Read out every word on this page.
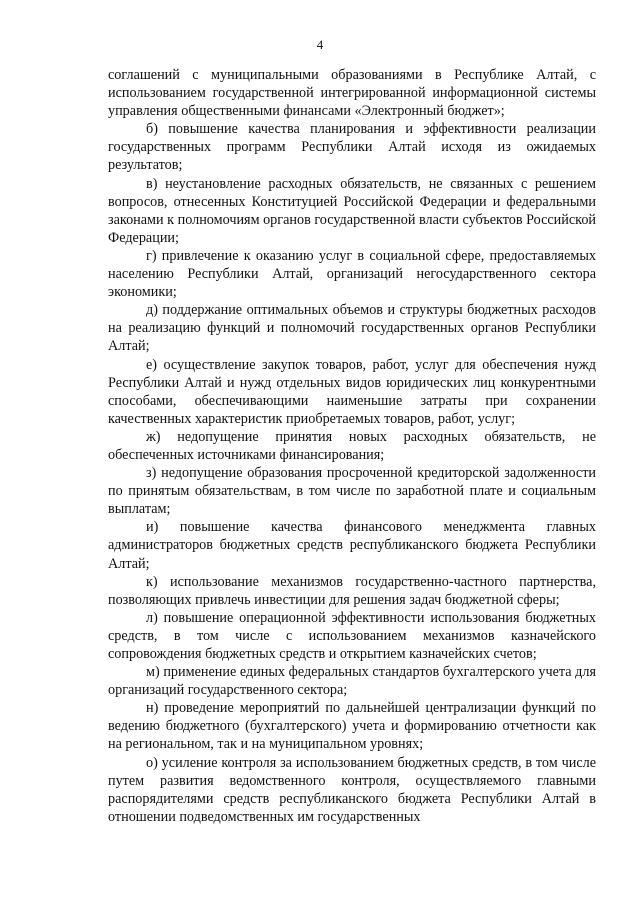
4

соглашений с муниципальными образованиями в Республике Алтай, с использованием государственной интегрированной информационной системы управления общественными финансами «Электронный бюджет»;

б) повышение качества планирования и эффективности реализации государственных программ Республики Алтай исходя из ожидаемых результатов;

в) неустановление расходных обязательств, не связанных с решением вопросов, отнесенных Конституцией Российской Федерации и федеральными законами к полномочиям органов государственной власти субъектов Российской Федерации;

г) привлечение к оказанию услуг в социальной сфере, предоставляемых населению Республики Алтай, организаций негосударственного сектора экономики;

д) поддержание оптимальных объемов и структуры бюджетных расходов на реализацию функций и полномочий государственных органов Республики Алтай;

е) осуществление закупок товаров, работ, услуг для обеспечения нужд Республики Алтай и нужд отдельных видов юридических лиц конкурентными способами, обеспечивающими наименьшие затраты при сохранении качественных характеристик приобретаемых товаров, работ, услуг;

ж) недопущение принятия новых расходных обязательств, не обеспеченных источниками финансирования;

з) недопущение образования просроченной кредиторской задолженности по принятым обязательствам, в том числе по заработной плате и социальным выплатам;

и) повышение качества финансового менеджмента главных администраторов бюджетных средств республиканского бюджета Республики Алтай;

к) использование механизмов государственно-частного партнерства, позволяющих привлечь инвестиции для решения задач бюджетной сферы;

л) повышение операционной эффективности использования бюджетных средств, в том числе с использованием механизмов казначейского сопровождения бюджетных средств и открытием казначейских счетов;

м) применение единых федеральных стандартов бухгалтерского учета для организаций государственного сектора;

н) проведение мероприятий по дальнейшей централизации функций по ведению бюджетного (бухгалтерского) учета и формированию отчетности как на региональном, так и на муниципальном уровнях;

о) усиление контроля за использованием бюджетных средств, в том числе путем развития ведомственного контроля, осуществляемого главными распорядителями средств республиканского бюджета Республики Алтай в отношении подведомственных им государственных
